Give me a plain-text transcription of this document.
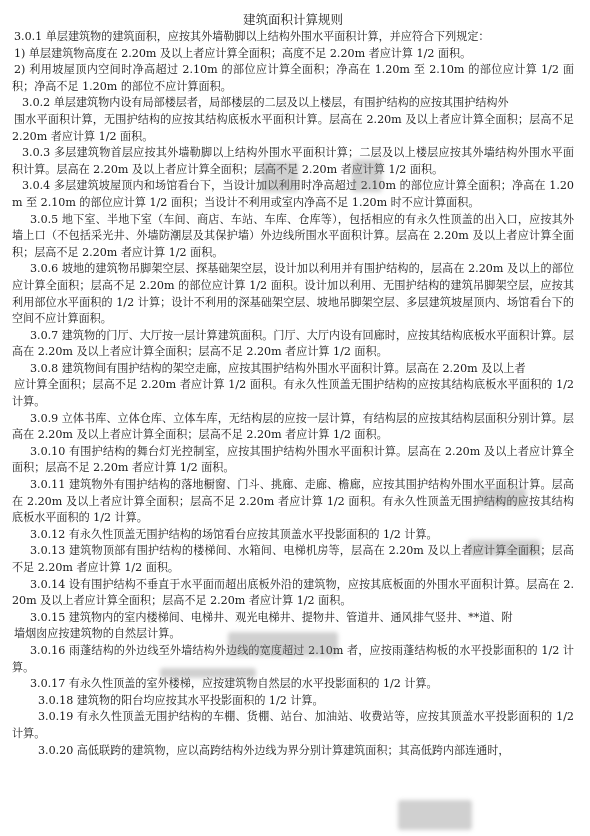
建筑面积计算规则

3.0.1 单层建筑物的建筑面积，应按其外墙勒脚以上结构外围水平面积计算，并应符合下列规定：

1) 单层建筑物高度在 2.20m 及以上者应计算全面积；高度不足 2.20m 者应计算 1/2 面积。

2) 利用坡屋顶内空间时净高超过 2.10m 的部位应计算全面积；净高在 1.20m 至 2.10m 的部位应计算 1/2 面积；净高不足 1.20m 的部位不应计算面积。

3.0.2 单层建筑物内设有局部楼层者，局部楼层的二层及以上楼层，有围护结构的应按其围护结构外

围水平面积计算，无围护结构的应按其结构底板水平面积计算。层高在 2.20m 及以上者应计算全面积；层高不足 2.20m 者应计算 1/2 面积。

3.0.3 多层建筑物首层应按其外墙勒脚以上结构外围水平面积计算；二层及以上楼层应按其外墙结构外围水平面积计算。层高在 2.20m 及以上者应计算全面积；层高不足 2.20m 者应计算 1/2 面积。

3.0.4 多层建筑坡屋顶内和场馆看台下，当设计加以利用时净高超过 2.10m 的部位应计算全面积；净高在 1.20m 至 2.10m 的部位应计算 1/2 面积；当设计不利用或室内净高不足 1.20m 时不应计算面积。

3.0.5 地下室、半地下室（车间、商店、车站、车库、仓库等），包括相应的有永久性顶盖的出入口，应按其外墙上口（不包括采光井、外墙防潮层及其保护墙）外边线所围水平面积计算。层高在 2.20m 及以上者应计算全面积；层高不足 2.20m 者应计算 1/2 面积。

3.0.6 坡地的建筑物吊脚架空层、探基础架空层，设计加以利用并有围护结构的，层高在 2.20m 及以上的部位应计算全面积；层高不足 2.20m 的部位应计算 1/2 面积。设计加以利用、无围护结构的建筑吊脚架空层，应按其利用部位水平面积的 1/2 计算；设计不利用的深基础架空层、坡地吊脚架空层、多层建筑坡屋顶内、场馆看台下的空间不应计算面积。

3.0.7 建筑物的门厅、大厅按一层计算建筑面积。门厅、大厅内设有回廊时，应按其结构底板水平面积计算。层高在 2.20m 及以上者应计算全面积；层高不足 2.20m 者应计算 1/2 面积。

3.0.8 建筑物间有围护结构的架空走廊，应按其围护结构外围水平面积计算。层高在 2.20m 及以上者

应计算全面积；层高不足 2.20m 者应计算 1/2 面积。有永久性顶盖无围护结构的应按其结构底板水平面积的 1/2 计算。

3.0.9 立体书库、立体仓库、立体车库，无结构层的应按一层计算，有结构层的应按其结构层面积分别计算。层高在 2.20m 及以上者应计算全面积；层高不足 2.20m 者应计算 1/2 面积。

3.0.10 有围护结构的舞台灯光控制室，应按其围护结构外围水平面积计算。层高在 2.20m 及以上者应计算全面积；层高不足 2.20m 者应计算 1/2 面积。

3.0.11 建筑物外有围护结构的落地橱窗、门斗、挑廊、走廊、檐廊，应按其围护结构外围水平面积计算。层高在 2.20m 及以上者应计算全面积；层高不足 2.20m 者应计算 1/2 面积。有永久性顶盖无围护结构的应按其结构底板水平面积的 1/2 计算。

3.0.12 有永久性顶盖无围护结构的场馆看台应按其顶盖水平投影面积的 1/2 计算。

3.0.13 建筑物顶部有围护结构的楼梯间、水箱间、电梯机房等，层高在 2.20m 及以上者应计算全面积；层高不足 2.20m 者应计算 1/2 面积。

3.0.14 设有围护结构不垂直于水平面而超出底板外沿的建筑物，应按其底板面的外围水平面积计算。层高在 2.20m 及以上者应计算全面积；层高不足 2.20m 者应计算 1/2 面积。

3.0.15 建筑物内的室内楼梯间、电梯井、观光电梯井、提物井、管道井、通风排气竖井、**道、附

墙烟囱应按建筑物的自然层计算。

3.0.16 雨蓬结构的外边线至外墙结构外边线的宽度超过 2.10m 者，应按雨蓬结构板的水平投影面积的 1/2 计算。

3.0.17 有永久性顶盖的室外楼梯，应按建筑物自然层的水平投影面积的 1/2 计算。

3.0.18 建筑物的阳台均应按其水平投影面积的 1/2 计算。

3.0.19 有永久性顶盖无围护结构的车棚、货棚、站台、加油站、收费站等，应按其顶盖水平投影面积的 1/2 计算。

3.0.20 高低联跨的建筑物，应以高跨结构外边线为界分别计算建筑面积；其高低跨内部连通时，
